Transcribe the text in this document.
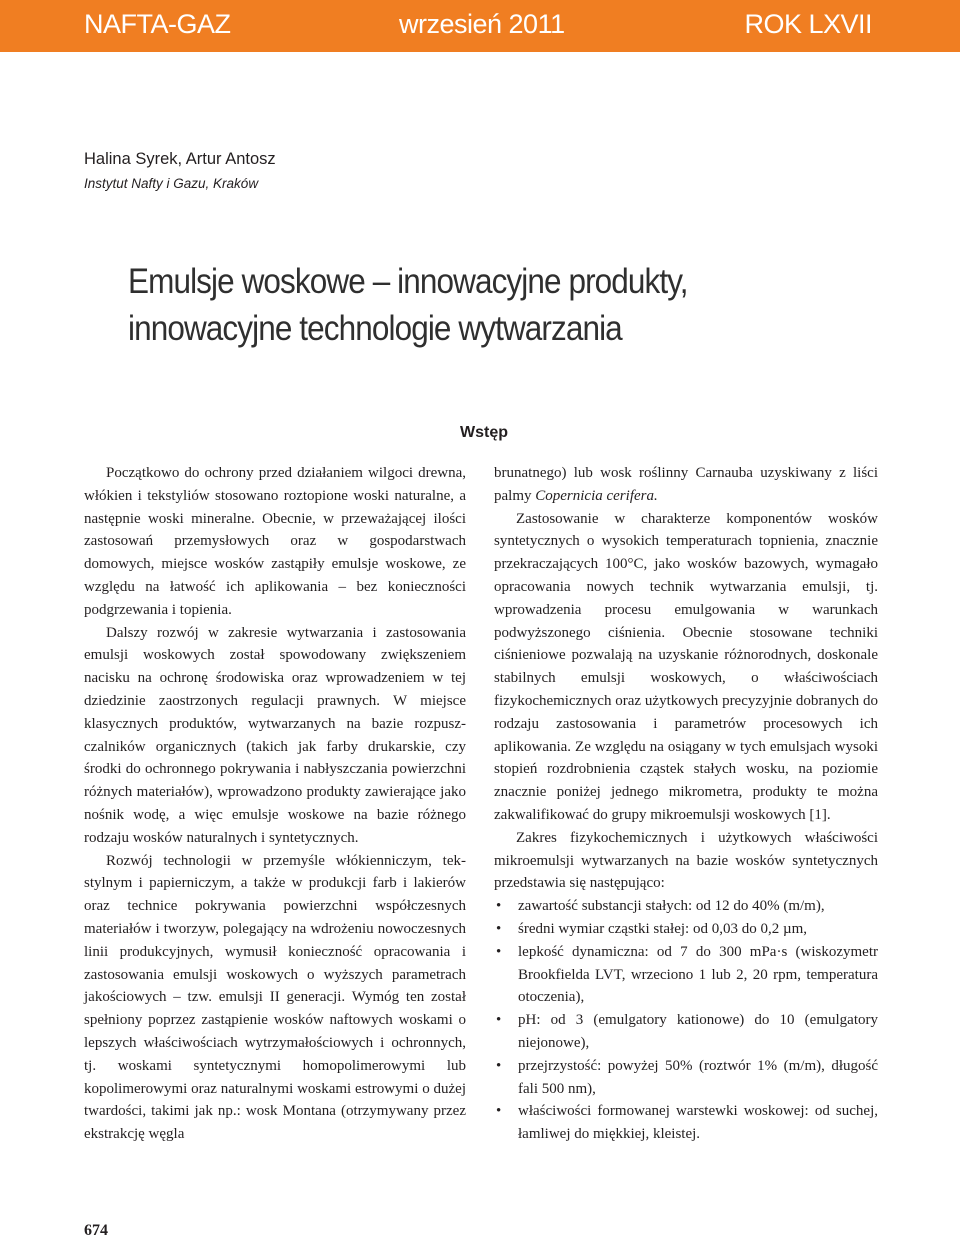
NAFTA-GAZ	wrzesień 2011	ROK LXVII
Halina Syrek, Artur Antosz
Instytut Nafty i Gazu, Kraków
Emulsje woskowe – innowacyjne produkty,
innowacyjne technologie wytwarzania
Wstęp

Początkowo do ochrony przed działaniem wilgoci drewna, włókien i tekstyliów stosowano roztopione woski naturalne, a następnie woski mineralne. Obecnie, w przeważającej ilości zastosowań przemysłowych oraz w gospodarstwach domowych, miejsce wosków zastąpiły emulsje woskowe, ze względu na łatwość ich aplikowania – bez konieczności podgrzewania i topienia.

Dalszy rozwój w zakresie wytwarzania i zastosowania emulsji woskowych został spowodowany zwiększeniem nacisku na ochronę środowiska oraz wprowadzeniem w tej dziedzinie zaostrzonych regulacji prawnych. W miejsce klasycznych produktów, wytwarzanych na bazie rozpuszczalników organicznych (takich jak farby drukarskie, czy środki do ochronnego pokrywania i nabłyszczania powierzchni różnych materiałów), wprowadzono produkty zawierające jako nośnik wodę, a więc emulsje woskowe na bazie różnego rodzaju wosków naturalnych i syntetycznych.

Rozwój technologii w przemyśle włókienniczym, tekstylnym i papierniczym, a także w produkcji farb i lakierów oraz technice pokrywania powierzchni współczesnych materiałów i tworzyw, polegający na wdrożeniu nowoczesnych linii produkcyjnych, wymusił konieczność opracowania i zastosowania emulsji woskowych o wyższych parametrach jakościowych – tzw. emulsji II generacji. Wymóg ten został spełniony poprzez zastąpienie wosków naftowych woskami o lepszych właściwościach wytrzymałościowych i ochronnych, tj. woskami syntetycznymi homopolimerowymi lub kopolimerowymi oraz naturalnymi woskami estrowymi o dużej twardości, takimi jak np.: wosk Montana (otrzymywany przez ekstrakcję węgla

brunatnego) lub wosk roślinny Carnauba uzyskiwany z liści palmy Copernicia cerifera.

Zastosowanie w charakterze komponentów wosków syntetycznych o wysokich temperaturach topnienia, znacznie przekraczających 100°C, jako wosków bazowych, wymagało opracowania nowych technik wytwarzania emulsji, tj. wprowadzenia procesu emulgowania w warunkach podwyższonego ciśnienia. Obecnie stosowane techniki ciśnieniowe pozwalają na uzyskanie różnorodnych, doskonale stabilnych emulsji woskowych, o właściwościach fizykochemicznych oraz użytkowych precyzyjnie dobranych do rodzaju zastosowania i parametrów procesowych ich aplikowania. Ze względu na osiągany w tych emulsjach wysoki stopień rozdrobnienia cząstek stałych wosku, na poziomie znacznie poniżej jednego mikrometra, produkty te można zakwalifikować do grupy mikroemulsji woskowych [1].

Zakres fizykochemicznych i użytkowych właściwości mikroemulsji wytwarzanych na bazie wosków syntetycznych przedstawia się następująco:

• zawartość substancji stałych: od 12 do 40% (m/m),
• średni wymiar cząstki stałej: od 0,03 do 0,2 µm,
• lepkość dynamiczna: od 7 do 300 mPa·s (wiskozymetr Brookfielda LVT, wrzeciono 1 lub 2, 20 rpm, temperatura otoczenia),
• pH: od 3 (emulgatory kationowe) do 10 (emulgatory niejonowe),
• przejrzystość: powyżej 50% (roztwór 1% (m/m), długość fali 500 nm),
• właściwości formowanej warstewki woskowej: od suchej, łamliwej do miękkiej, kleistej.
674
